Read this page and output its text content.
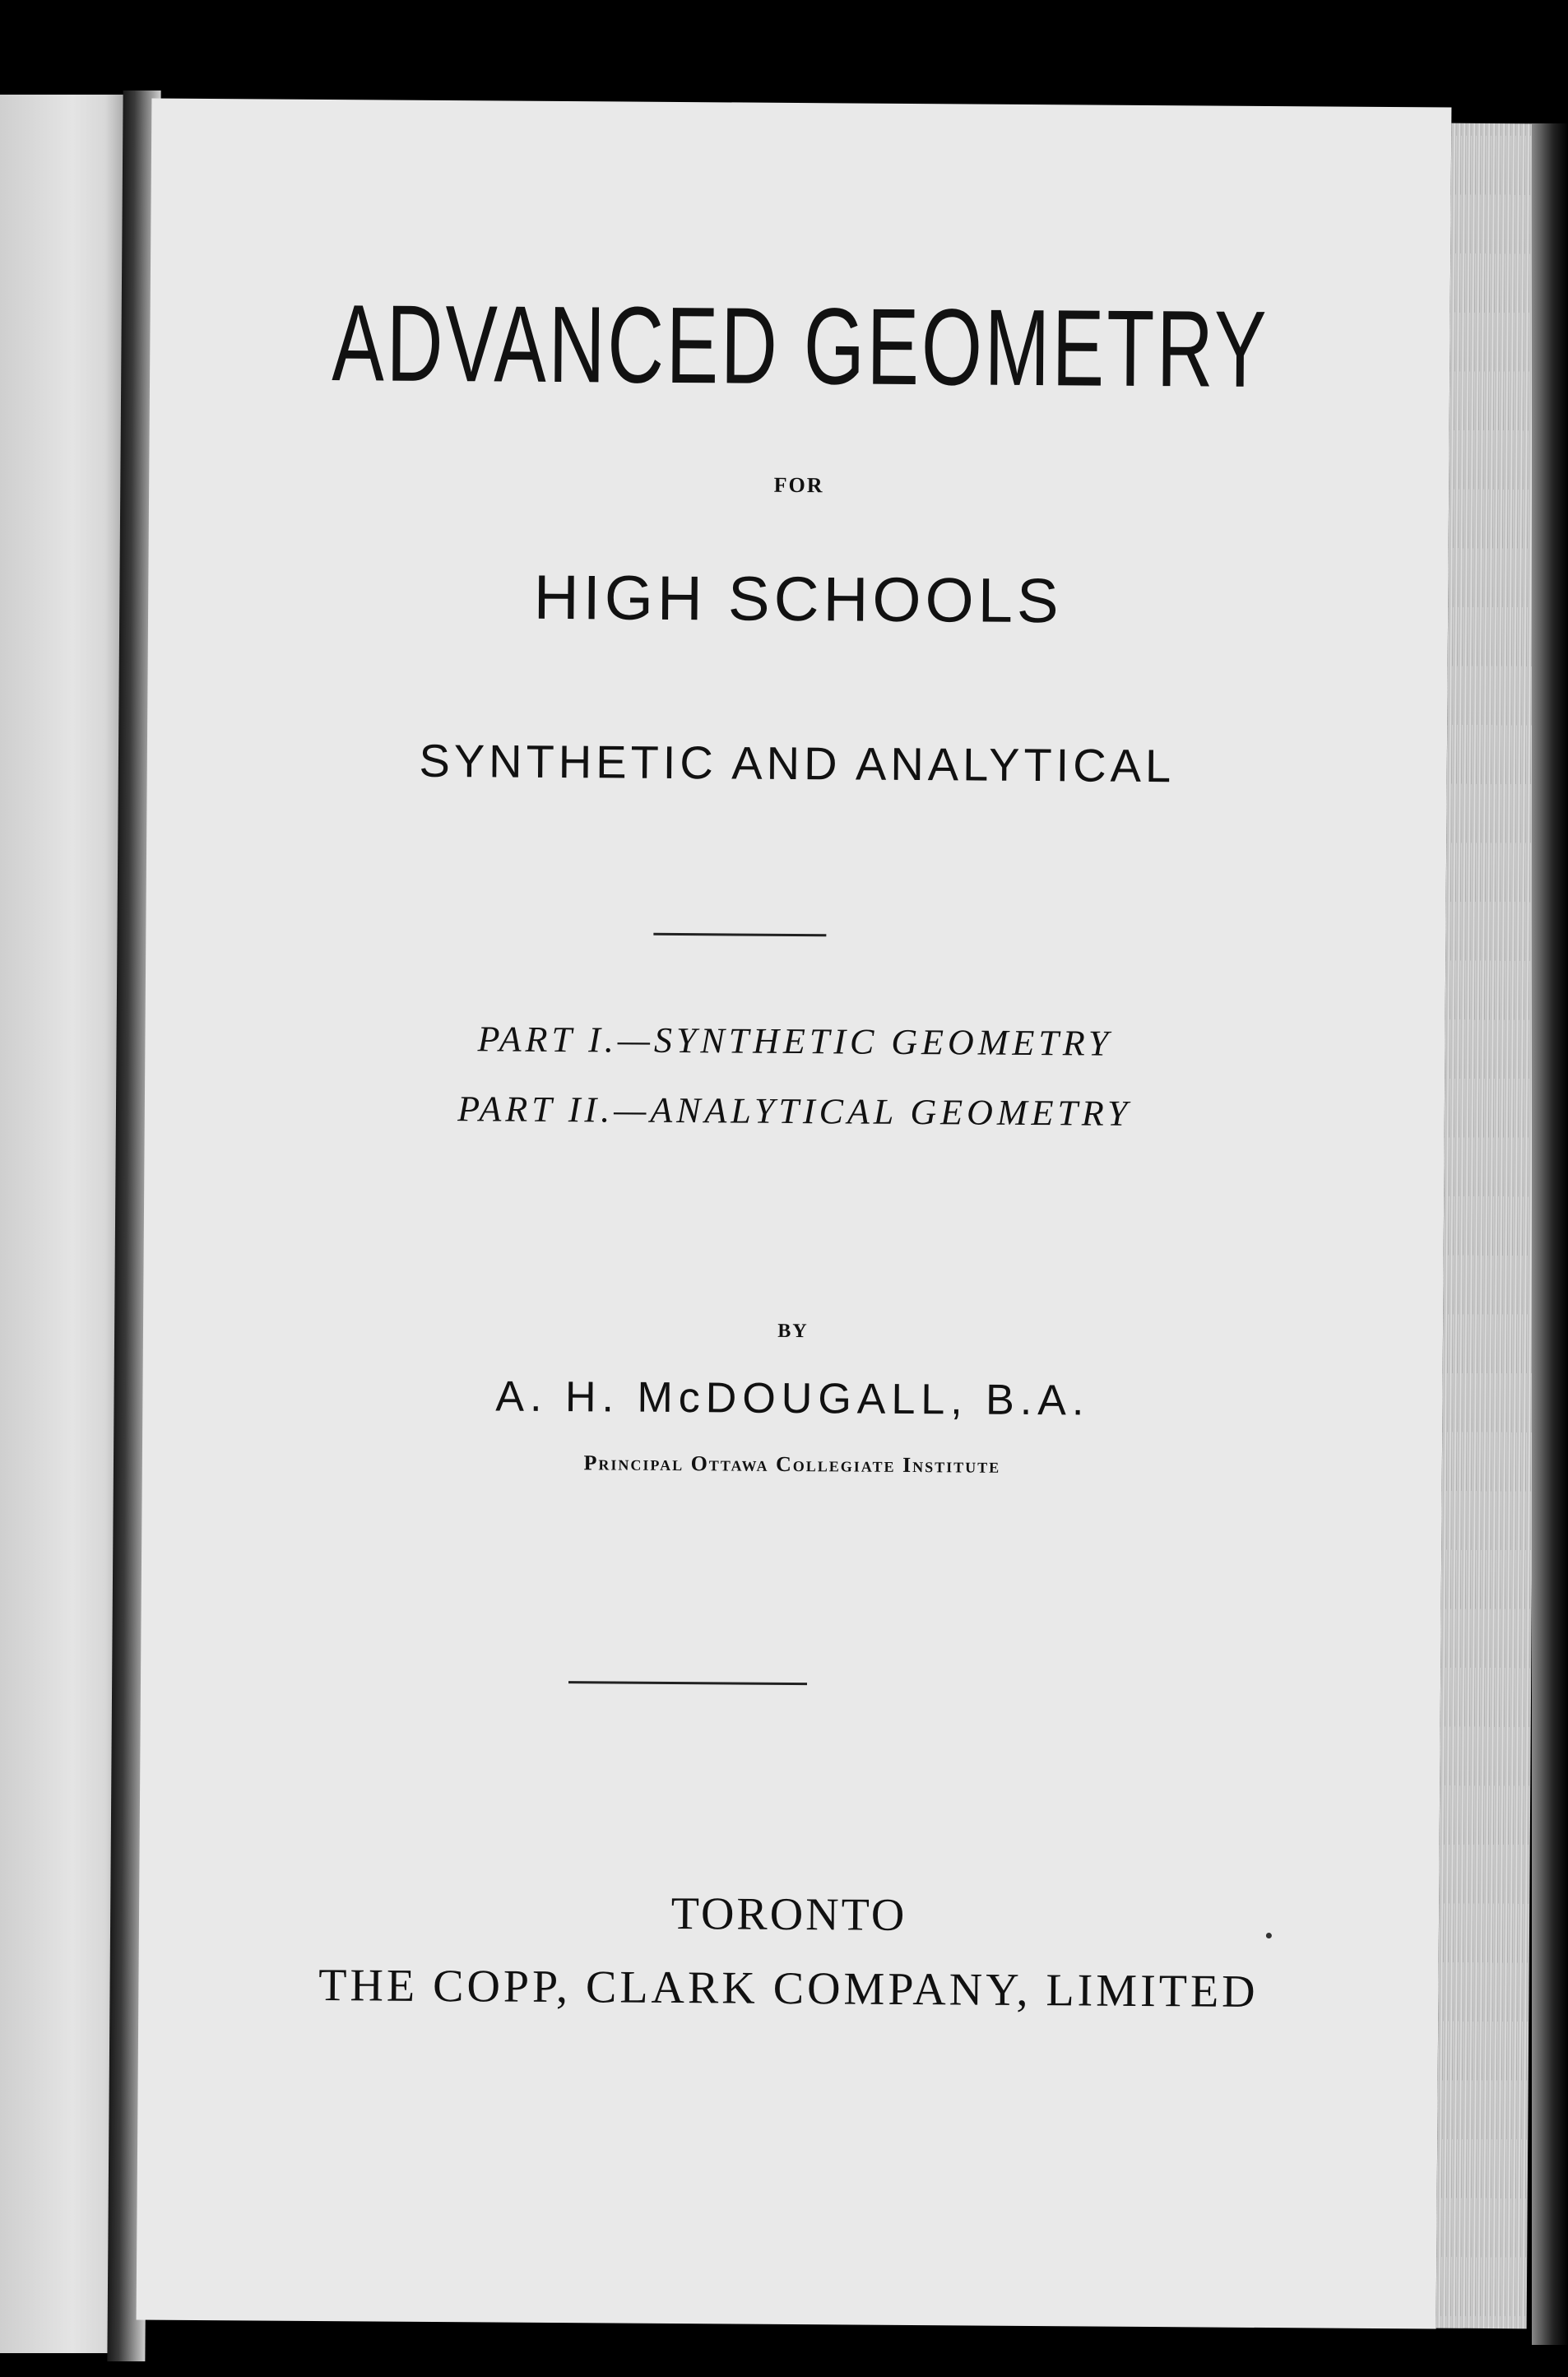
ADVANCED GEOMETRY
FOR
HIGH SCHOOLS
SYNTHETIC AND ANALYTICAL
PART I.—SYNTHETIC GEOMETRY
PART II.—ANALYTICAL GEOMETRY
BY
A. H. McDOUGALL, B.A.
Principal Ottawa Collegiate Institute
TORONTO
THE COPP, CLARK COMPANY, LIMITED
